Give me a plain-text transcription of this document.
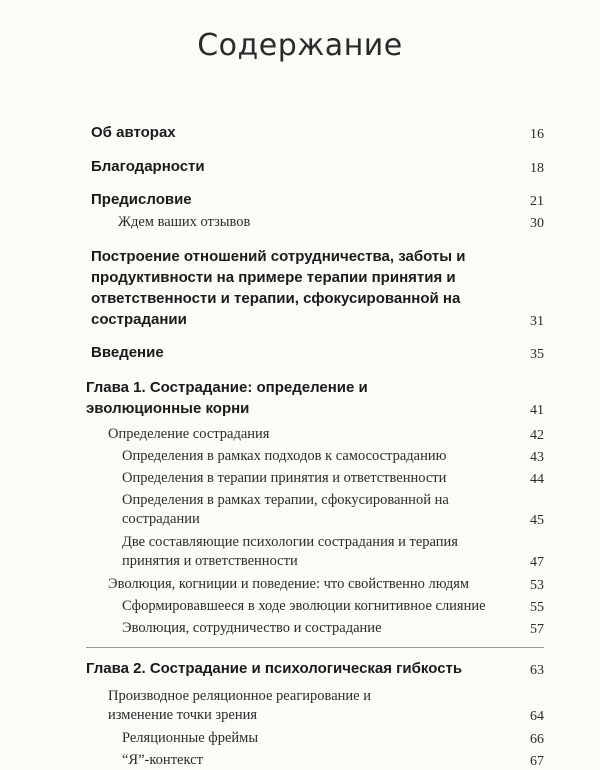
Содержание
Об авторах	16
Благодарности	18
Предисловие	21
Ждем ваших отзывов	30
Построение отношений сотрудничества, заботы и продуктивности на примере терапии принятия и ответственности и терапии, сфокусированной на сострадании	31
Введение	35
Глава 1. Сострадание: определение и эволюционные корни	41
Определение сострадания	42
Определения в рамках подходов к самосостраданию	43
Определения в терапии принятия и ответственности	44
Определения в рамках терапии, сфокусированной на сострадании	45
Две составляющие психологии сострадания и терапия принятия и ответственности	47
Эволюция, когниции и поведение: что свойственно людям	53
Сформировавшееся в ходе эволюции когнитивное слияние	55
Эволюция, сотрудничество и сострадание	57
Глава 2. Сострадание и психологическая гибкость	63
Производное реляционное реагирование и изменение точки зрения	64
Реляционные фреймы	66
“Я”-контекст	67
